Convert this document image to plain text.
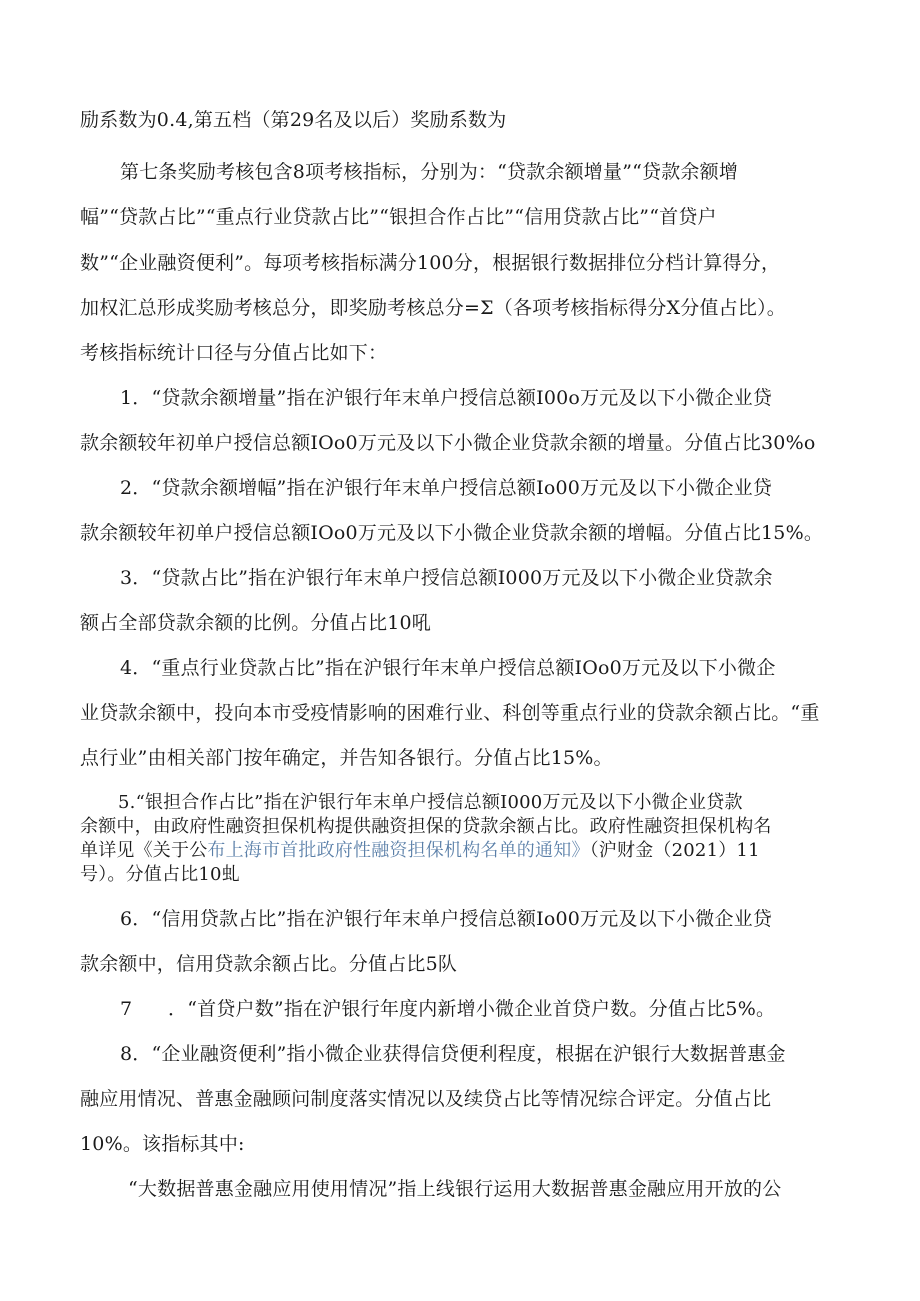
励系数为0.4,第五档（第29名及以后）奖励系数为
第七条奖励考核包含8项考核指标，分别为：“贷款余额增量”“贷款余额增
幅”“贷款占比”“重点行业贷款占比”“银担合作占比”“信用贷款占比”“首贷户
数”“企业融资便利”。每项考核指标满分100分，根据银行数据排位分档计算得分，
加权汇总形成奖励考核总分，即奖励考核总分=Σ（各项考核指标得分X分值占比）。
考核指标统计口径与分值占比如下：
1．“贷款余额增量”指在沪银行年末单户授信总额I00o万元及以下小微企业贷
款余额较年初单户授信总额IOo0万元及以下小微企业贷款余额的增量。分值占比30%o
2．“贷款余额增幅”指在沪银行年末单户授信总额Io00万元及以下小微企业贷
款余额较年初单户授信总额IOo0万元及以下小微企业贷款余额的增幅。分值占比15%。
3．“贷款占比”指在沪银行年末单户授信总额I000万元及以下小微企业贷款余
额占全部贷款余额的比例。分值占比10吼
4．“重点行业贷款占比”指在沪银行年末单户授信总额IOo0万元及以下小微企
业贷款余额中，投向本市受疫情影响的困难行业、科创等重点行业的贷款余额占比。“重
点行业”由相关部门按年确定，并告知各银行。分值占比15%。
5.“银担合作占比”指在沪银行年末单户授信总额I000万元及以下小微企业贷款
余额中，由政府性融资担保机构提供融资担保的贷款余额占比。政府性融资担保机构名
单详见《关于公布上海市首批政府性融资担保机构名单的通知》（沪财金（2021）11
号）。分值占比10虬
6．“信用贷款占比”指在沪银行年末单户授信总额Io00万元及以下小微企业贷
款余额中，信用贷款余额占比。分值占比5队
7 ．“首贷户数”指在沪银行年度内新增小微企业首贷户数。分值占比5%。
8．“企业融资便利”指小微企业获得信贷便利程度，根据在沪银行大数据普惠金
融应用情况、普惠金融顾问制度落实情况以及续贷占比等情况综合评定。分值占比
10%。该指标其中:
“大数据普惠金融应用使用情况”指上线银行运用大数据普惠金融应用开放的公
